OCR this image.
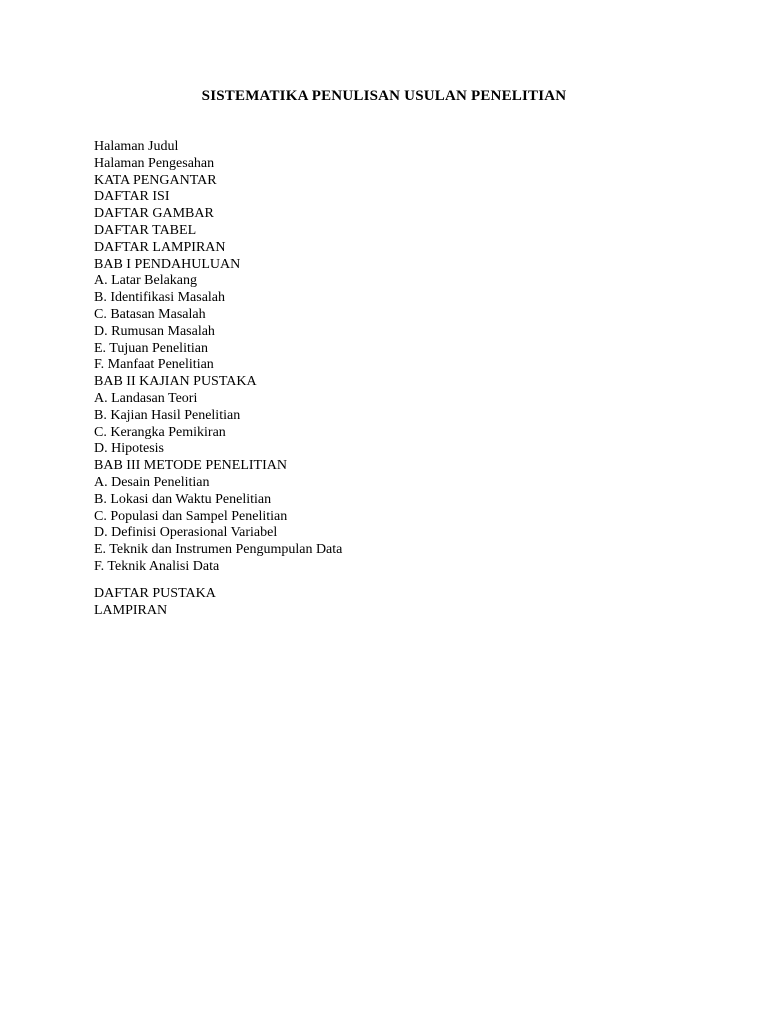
SISTEMATIKA PENULISAN USULAN PENELITIAN
Halaman Judul
Halaman Pengesahan
KATA PENGANTAR
DAFTAR ISI
DAFTAR GAMBAR
DAFTAR TABEL
DAFTAR LAMPIRAN
BAB I PENDAHULUAN
A. Latar Belakang
B. Identifikasi Masalah
C. Batasan Masalah
D. Rumusan Masalah
E. Tujuan Penelitian
F. Manfaat Penelitian
BAB II KAJIAN PUSTAKA
A. Landasan Teori
B. Kajian Hasil Penelitian
C. Kerangka Pemikiran
D. Hipotesis
BAB III METODE PENELITIAN
A. Desain Penelitian
B. Lokasi dan Waktu Penelitian
C. Populasi dan Sampel Penelitian
D. Definisi Operasional Variabel
E. Teknik dan Instrumen Pengumpulan Data
F. Teknik Analisi Data
DAFTAR PUSTAKA
LAMPIRAN
